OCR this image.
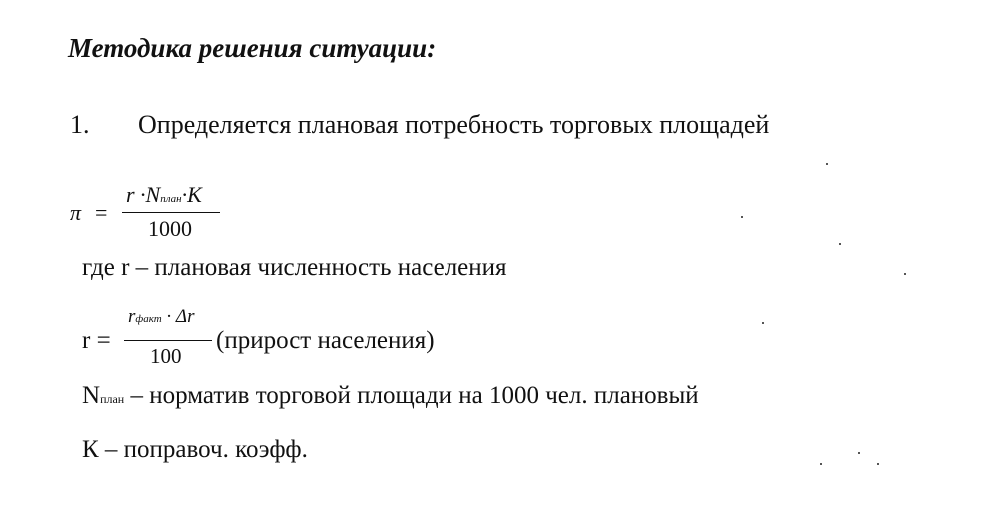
Методика решения ситуации:
1. Определяется плановая потребность торговых площадей
π =
r ·Nплан·K
1000
где r – плановая численность населения
r =
rфакт · Δr
100
(прирост населения)
Nплан – норматив торговой площади на 1000 чел. плановый
К – поправоч. коэфф.
